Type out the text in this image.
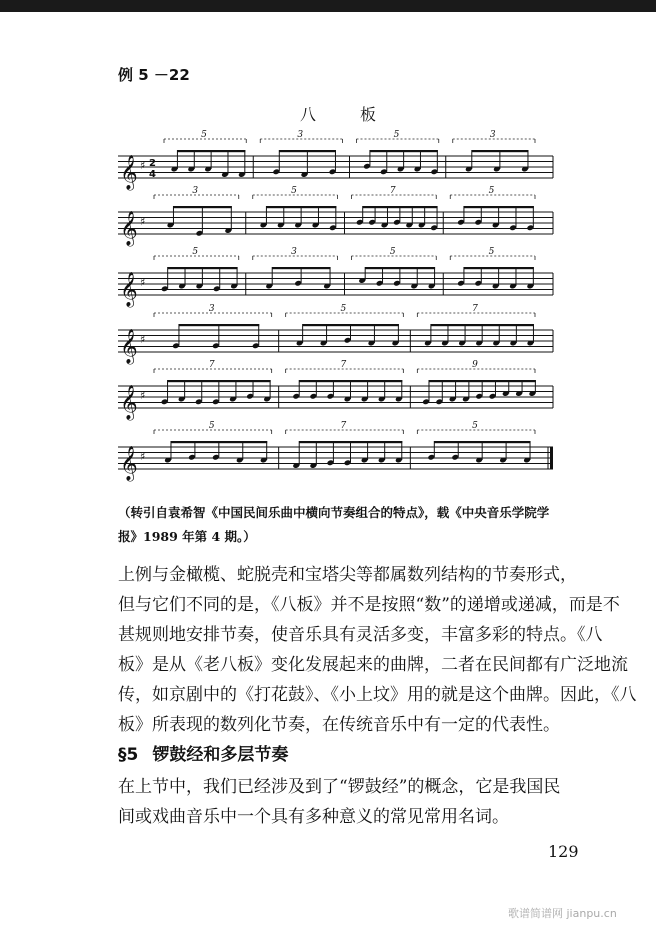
例 5 －22
八板
𝄞 ♯ 2
4
5	3	5	3
𝄞 ♯
3	5	7	5
𝄞 ♯
5	3	5	5
𝄞 ♯
3	5	7
𝄞 ♯
7	7	9
𝄞 ♯
5	7	5
（转引自袁希智《中国民间乐曲中横向节奏组合的特点》，载《中央音乐学院学
报》1989 年第 4 期。）
上例与金橄榄、蛇脱壳和宝塔尖等都属数列结构的节奏形式，
但与它们不同的是，《八板》并不是按照“数”的递增或递减，而是不
甚规则地安排节奏，使音乐具有灵活多变，丰富多彩的特点。《八
板》是从《老八板》变化发展起来的曲牌，二者在民间都有广泛地流
传，如京剧中的《打花鼓》、《小上坟》用的就是这个曲牌。因此，《八
板》所表现的数列化节奏，在传统音乐中有一定的代表性。
§5 锣鼓经和多层节奏
在上节中，我们已经涉及到了“锣鼓经”的概念，它是我国民
间或戏曲音乐中一个具有多种意义的常见常用名词。
129
歌谱简谱网 jianpu.cn
